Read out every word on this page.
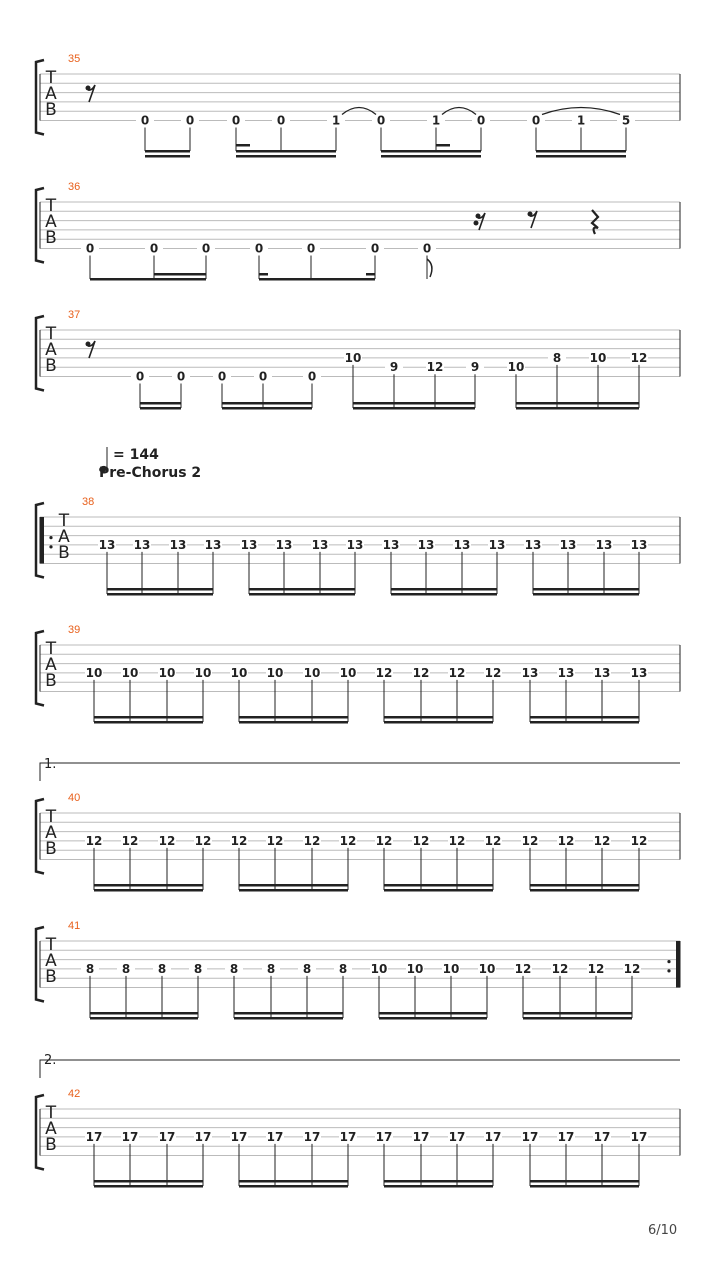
= 144
Pre-Chorus 2
1.
2.
6/10
T
A
B
35
0	0	0	0	1	0	1	0	0	1	5
T
A
B
36
0	0	0	0	0	0	0
T
A
B
37
0	0	0	0	0
10
9 12 9 10
8 10 12
T
A
B
38
13 13 13 13 13 13 13 13 13 13 13 13 13 13 13 13
T
A
B
39
10 10 10 10 10 10 10 10 12 12 12 12 13 13 13 13
T
A
B
40
12 12 12 12 12 12 12 12 12 12 12 12 12 12 12 12
T
A
B
41
8 8 8 8 8 8 8 8 10 10 10 10 12 12 12 12
T
A
B
42
17 17 17 17 17 17 17 17 17 17 17 17 17 17 17 17
